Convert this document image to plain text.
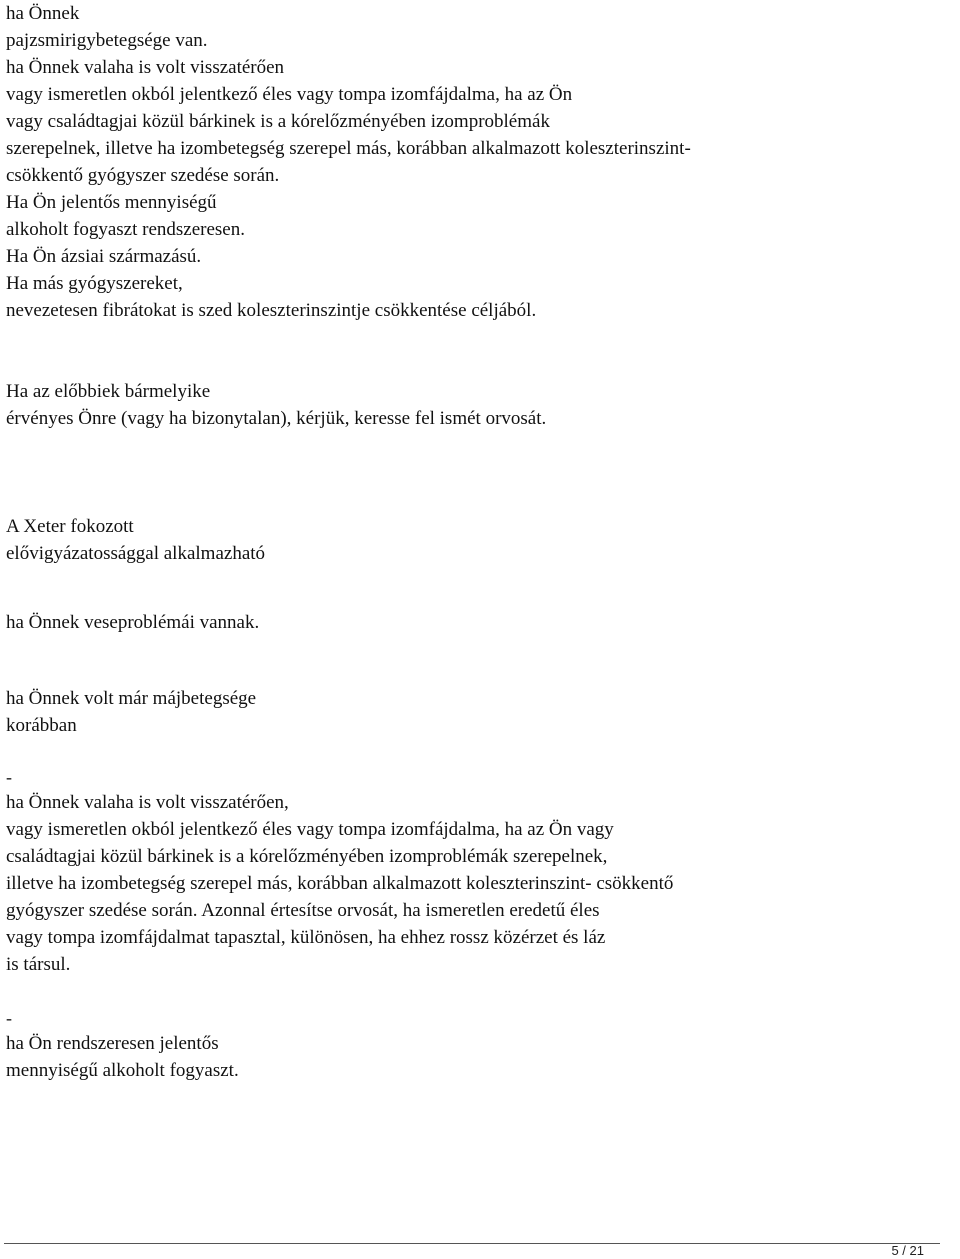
ha Önnek
pajzsmirigybetegsége van.
ha Önnek valaha is volt visszatérően
vagy ismeretlen okból jelentkező éles vagy tompa izomfájdalma, ha az Ön
vagy családtagjai közül bárkinek is a kórelőzményében izomproblémák
szerepelnek, illetve ha izombetegség szerepel más, korábban alkalmazott koleszterinszint-
csökkentő gyógyszer szedése során.
Ha Ön jelentős mennyiségű
alkoholt fogyaszt rendszeresen.
Ha Ön ázsiai származású.
Ha más gyógyszereket,
nevezetesen fibrátokat is szed koleszterinszintje csökkentése céljából.
Ha az előbbiek bármelyike
érvényes Önre (vagy ha bizonytalan), kérjük, keresse fel ismét orvosát.
A Xeter fokozott
elővigyázatossággal alkalmazható
ha Önnek veseproblémái vannak.
ha Önnek volt már májbetegsége
korábban
-
ha Önnek valaha is volt visszatérően,
vagy ismeretlen okból jelentkező éles vagy tompa izomfájdalma, ha az Ön vagy
családtagjai közül bárkinek is a kórelőzményében izomproblémák szerepelnek,
illetve ha izombetegség szerepel más, korábban alkalmazott koleszterinszint- csökkentő
gyógyszer szedése során. Azonnal értesítse orvosát, ha ismeretlen eredetű éles
vagy tompa izomfájdalmat tapasztal, különösen, ha ehhez rossz közérzet és láz
is társul.
-
ha Ön rendszeresen jelentős
mennyiségű alkoholt fogyaszt.
5 / 21
